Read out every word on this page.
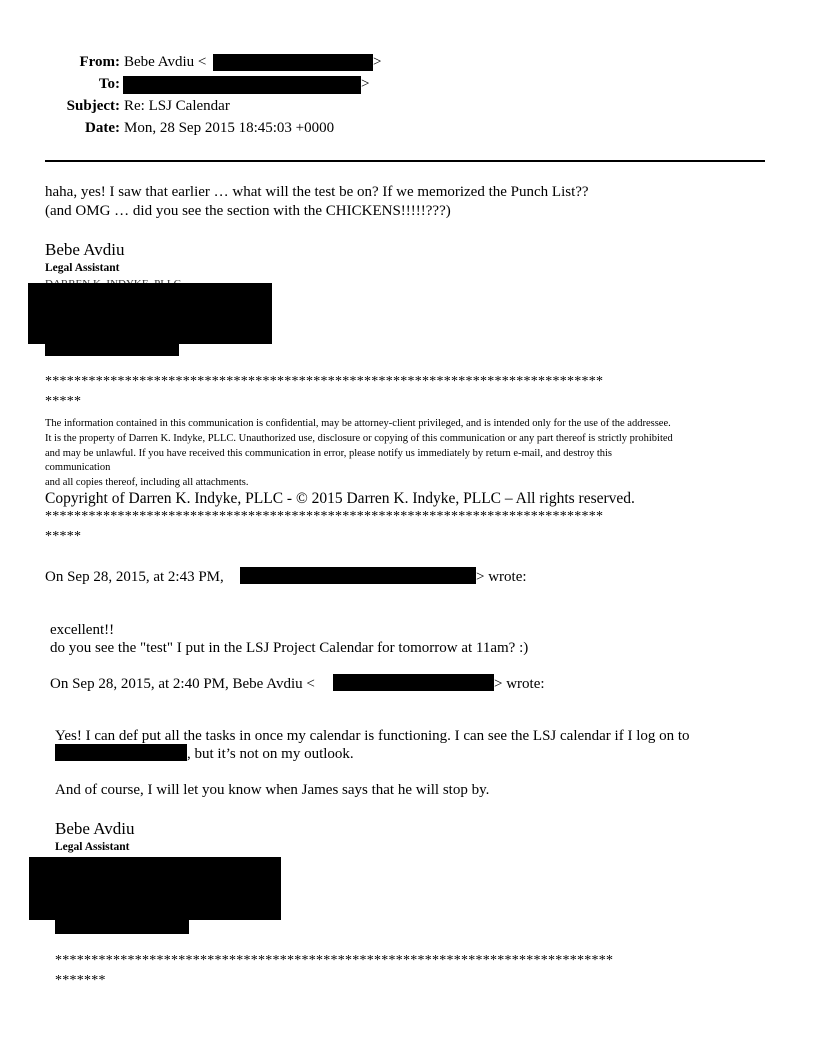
From: Bebe Avdiu <	>
To:	>
Subject: Re: LSJ Calendar
Date: Mon, 28 Sep 2015 18:45:03 +0000
haha, yes! I saw that earlier … what will the test be on? If we memorized the Punch List??
(and OMG … did you see the section with the CHICKENS!!!!!???)
Bebe Avdiu
Legal Assistant
*****************************************************************************
*****
The information contained in this communication is confidential, may be attorney-client privileged, and is intended only for the use of the addressee.
It is the property of Darren K. Indyke, PLLC. Unauthorized use, disclosure or copying of this communication or any part thereof is strictly prohibited
and may be unlawful. If you have received this communication in error, please notify us immediately by return e-mail, and destroy this
communication
and all copies thereof, including all attachments.
Copyright of Darren K. Indyke, PLLC - © 2015 Darren K. Indyke, PLLC – All rights reserved.
*****************************************************************************
*****
On Sep 28, 2015, at 2:43 PM,	> wrote:
excellent!!
do you see the "test" I put in the LSJ Project Calendar for tomorrow at 11am? :)
On Sep 28, 2015, at 2:40 PM, Bebe Avdiu <	> wrote:
Yes! I can def put all the tasks in once my calendar is functioning. I can see the LSJ calendar if I log on to
, but it’s not on my outlook.
And of course, I will let you know when James says that he will stop by.
Bebe Avdiu
Legal Assistant
*****************************************************************************
*******
